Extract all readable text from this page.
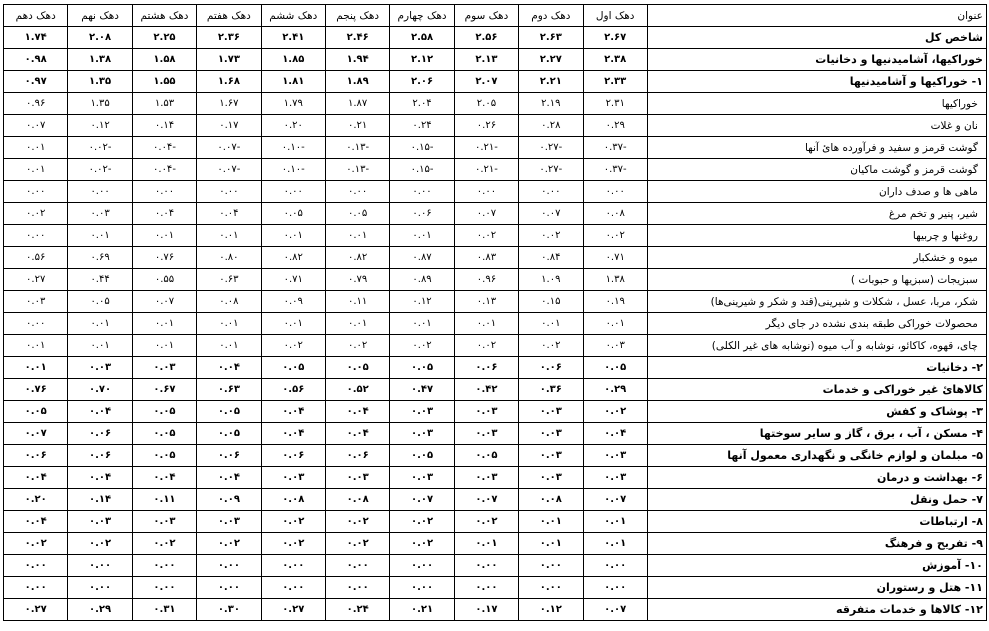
عنوان	دهک اول	دهک دوم	دهک سوم	دهک چهارم	دهک پنجم	دهک ششم	دهک هفتم	دهک هشتم	دهک نهم	دهک دهم
شاخص کل	۲.۶۷	۲.۶۳	۲.۵۶	۲.۵۸	۲.۴۶	۲.۴۱	۲.۳۶	۲.۲۵	۲.۰۸	۱.۷۴
خوراکیها، آشامیدنیها و دخانیات	۲.۳۸	۲.۲۷	۲.۱۳	۲.۱۲	۱.۹۴	۱.۸۵	۱.۷۳	۱.۵۸	۱.۳۸	۰.۹۸
۱- خوراکیها و آشامیدنیها	۲.۳۳	۲.۲۱	۲.۰۷	۲.۰۶	۱.۸۹	۱.۸۱	۱.۶۸	۱.۵۵	۱.۳۵	۰.۹۷
خوراکیها	۲.۳۱	۲.۱۹	۲.۰۵	۲.۰۴	۱.۸۷	۱.۷۹	۱.۶۷	۱.۵۳	۱.۳۵	۰.۹۶
نان و غلات	۰.۲۹	۰.۲۸	۰.۲۶	۰.۲۴	۰.۲۱	۰.۲۰	۰.۱۷	۰.۱۴	۰.۱۲	۰.۰۷
گوشت قرمز و سفید و فرآورده هائ آنها	-۰.۳۷	-۰.۲۷	-۰.۲۱	-۰.۱۵	-۰.۱۳	-۰.۱۰	-۰.۰۷	-۰.۰۴	-۰.۰۲	۰.۰۱
گوشت قرمز و گوشت ماکیان	-۰.۳۷	-۰.۲۷	-۰.۲۱	-۰.۱۵	-۰.۱۳	-۰.۱۰	-۰.۰۷	-۰.۰۴	-۰.۰۲	۰.۰۱
ماهی ها و صدف داران	۰.۰۰	۰.۰۰	۰.۰۰	۰.۰۰	۰.۰۰	۰.۰۰	۰.۰۰	۰.۰۰	۰.۰۰	۰.۰۰
شیر، پنیر و تخم مرغ	۰.۰۸	۰.۰۷	۰.۰۷	۰.۰۶	۰.۰۵	۰.۰۵	۰.۰۴	۰.۰۴	۰.۰۳	۰.۰۲
روغنها و چربیها	۰.۰۲	۰.۰۲	۰.۰۲	۰.۰۱	۰.۰۱	۰.۰۱	۰.۰۱	۰.۰۱	۰.۰۱	۰.۰۰
میوه و خشکبار	۰.۷۱	۰.۸۴	۰.۸۳	۰.۸۷	۰.۸۲	۰.۸۲	۰.۸۰	۰.۷۶	۰.۶۹	۰.۵۶
سبزیجات (سبزیها و حبوبات )	۱.۳۸	۱.۰۹	۰.۹۶	۰.۸۹	۰.۷۹	۰.۷۱	۰.۶۳	۰.۵۵	۰.۴۴	۰.۲۷
شکر، مربا، عسل ، شکلات و شیرینی(قند و شکر و شیرینی‌ها)	۰.۱۹	۰.۱۵	۰.۱۳	۰.۱۲	۰.۱۱	۰.۰۹	۰.۰۸	۰.۰۷	۰.۰۵	۰.۰۳
محصولات خوراکی طبقه بندی نشده در جای دیگر	۰.۰۱	۰.۰۱	۰.۰۱	۰.۰۱	۰.۰۱	۰.۰۱	۰.۰۱	۰.۰۱	۰.۰۱	۰.۰۰
چای، قهوه، کاکائو، نوشابه و آب میوه (نوشابه های غیر الکلی)	۰.۰۳	۰.۰۲	۰.۰۲	۰.۰۲	۰.۰۲	۰.۰۲	۰.۰۱	۰.۰۱	۰.۰۱	۰.۰۱
۲- دخانیات	۰.۰۵	۰.۰۶	۰.۰۶	۰.۰۵	۰.۰۵	۰.۰۵	۰.۰۴	۰.۰۳	۰.۰۳	۰.۰۱
کالاهائ غیر خوراکی و خدمات	۰.۲۹	۰.۳۶	۰.۴۲	۰.۴۷	۰.۵۲	۰.۵۶	۰.۶۳	۰.۶۷	۰.۷۰	۰.۷۶
۳- پوشاک و کفش	۰.۰۲	۰.۰۳	۰.۰۳	۰.۰۳	۰.۰۴	۰.۰۴	۰.۰۵	۰.۰۵	۰.۰۴	۰.۰۵
۴- مسکن ، آب ، برق ، گاز و سایر سوختها	۰.۰۴	۰.۰۳	۰.۰۳	۰.۰۳	۰.۰۴	۰.۰۴	۰.۰۵	۰.۰۵	۰.۰۶	۰.۰۷
۵- مبلمان و لوازم خانگی و نگهداری معمول آنها	۰.۰۳	۰.۰۳	۰.۰۵	۰.۰۵	۰.۰۶	۰.۰۶	۰.۰۶	۰.۰۵	۰.۰۶	۰.۰۶
۶- بهداشت و درمان	۰.۰۳	۰.۰۳	۰.۰۳	۰.۰۳	۰.۰۳	۰.۰۳	۰.۰۴	۰.۰۴	۰.۰۴	۰.۰۴
۷- حمل ونقل	۰.۰۷	۰.۰۸	۰.۰۷	۰.۰۷	۰.۰۸	۰.۰۸	۰.۰۹	۰.۱۱	۰.۱۴	۰.۲۰
۸- ارتباطات	۰.۰۱	۰.۰۱	۰.۰۲	۰.۰۲	۰.۰۲	۰.۰۲	۰.۰۳	۰.۰۳	۰.۰۳	۰.۰۴
۹- تفریح و فرهنگ	۰.۰۱	۰.۰۱	۰.۰۱	۰.۰۲	۰.۰۲	۰.۰۲	۰.۰۲	۰.۰۲	۰.۰۲	۰.۰۲
۱۰- آموزش	۰.۰۰	۰.۰۰	۰.۰۰	۰.۰۰	۰.۰۰	۰.۰۰	۰.۰۰	۰.۰۰	۰.۰۰	۰.۰۰
۱۱- هتل و رستوران	۰.۰۰	۰.۰۰	۰.۰۰	۰.۰۰	۰.۰۰	۰.۰۰	۰.۰۰	۰.۰۰	۰.۰۰	۰.۰۰
۱۲- کالاها و خدمات متفرقه	۰.۰۷	۰.۱۲	۰.۱۷	۰.۲۱	۰.۲۴	۰.۲۷	۰.۳۰	۰.۳۱	۰.۲۹	۰.۲۷
